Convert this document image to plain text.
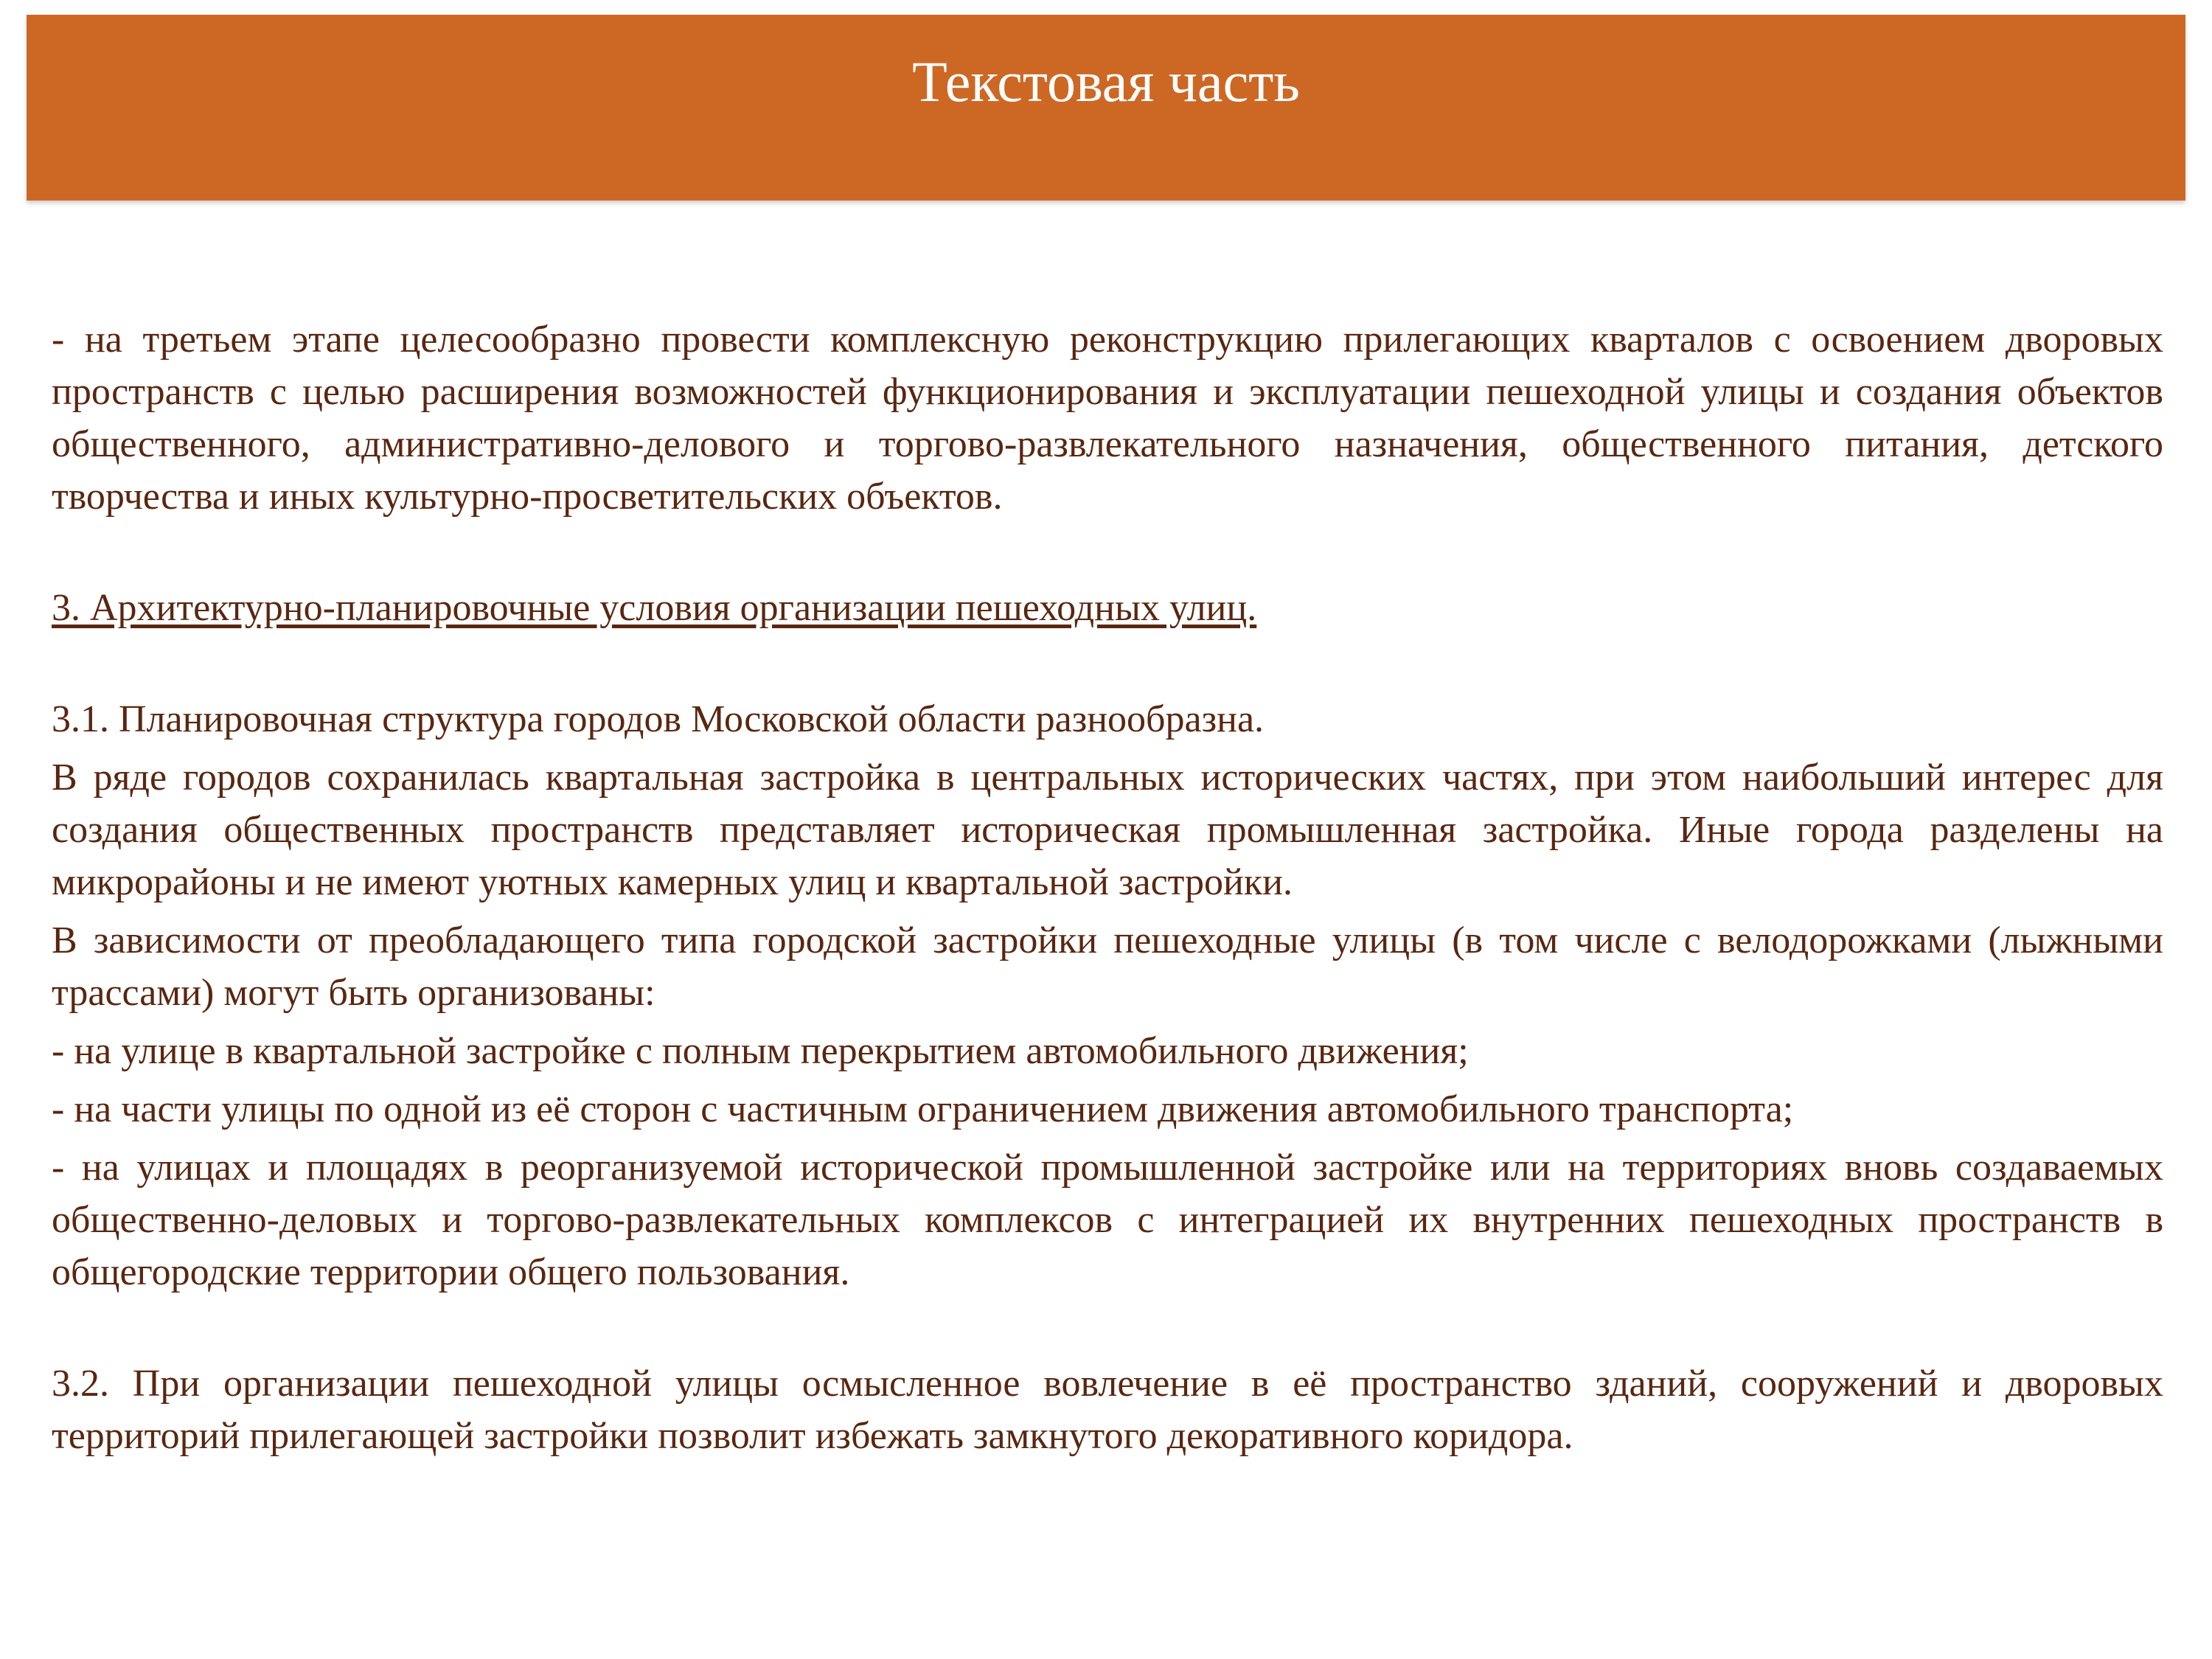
Текстовая часть

- на третьем этапе целесообразно провести комплексную реконструкцию прилегающих кварталов с освоением дворовых пространств с целью расширения возможностей функционирования и эксплуатации пешеходной улицы и создания объектов общественного, административно-делового и торгово-развлекательного назначения, общественного питания, детского творчества и иных культурно-просветительских объектов.

3. Архитектурно-планировочные условия организации пешеходных улиц.

3.1. Планировочная структура городов Московской области разнообразна.

В ряде городов сохранилась квартальная застройка в центральных исторических частях, при этом наибольший интерес для создания общественных пространств представляет историческая промышленная застройка. Иные города разделены на микрорайоны и не имеют уютных камерных улиц и квартальной застройки.

В зависимости от преобладающего типа городской застройки пешеходные улицы (в том числе с велодорожками (лыжными трассами) могут быть организованы:

- на улице в квартальной застройке с полным перекрытием автомобильного движения;

- на части улицы по одной из её сторон с частичным ограничением движения автомобильного транспорта;

- на улицах и площадях в реорганизуемой исторической промышленной застройке или на территориях вновь создаваемых общественно-деловых и торгово-развлекательных комплексов с интеграцией их внутренних пешеходных пространств в общегородские территории общего пользования.

3.2. При организации пешеходной улицы осмысленное вовлечение в её пространство зданий, сооружений и дворовых территорий прилегающей застройки позволит избежать замкнутого декоративного коридора.
